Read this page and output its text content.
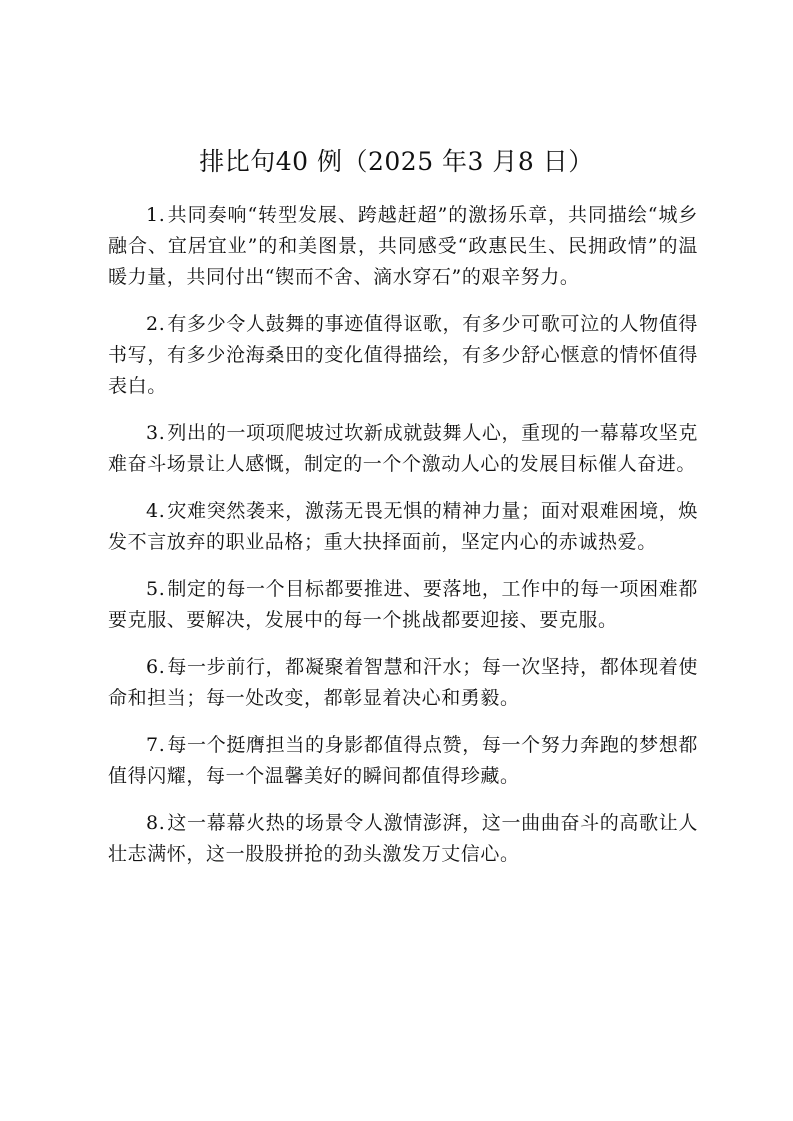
排比句40 例（2025 年3 月8 日）

1. 共同奏响“转型发展、跨越赶超”的激扬乐章，共同描绘“城乡融合、宜居宜业”的和美图景，共同感受“政惠民生、民拥政情”的温暖力量，共同付出“锲而不舍、滴水穿石”的艰辛努力。

2. 有多少令人鼓舞的事迹值得讴歌，有多少可歌可泣的人物值得书写，有多少沧海桑田的变化值得描绘，有多少舒心惬意的情怀值得表白。

3. 列出的一项项爬坡过坎新成就鼓舞人心，重现的一幕幕攻坚克难奋斗场景让人感慨，制定的一个个激动人心的发展目标催人奋进。

4. 灾难突然袭来，激荡无畏无惧的精神力量；面对艰难困境，焕发不言放弃的职业品格；重大抉择面前，坚定内心的赤诚热爱。

5. 制定的每一个目标都要推进、要落地，工作中的每一项困难都要克服、要解决，发展中的每一个挑战都要迎接、要克服。

6. 每一步前行，都凝聚着智慧和汗水；每一次坚持，都体现着使命和担当；每一处改变，都彰显着决心和勇毅。

7. 每一个挺膺担当的身影都值得点赞，每一个努力奔跑的梦想都值得闪耀，每一个温馨美好的瞬间都值得珍藏。

8. 这一幕幕火热的场景令人激情澎湃，这一曲曲奋斗的高歌让人壮志满怀，这一股股拼抢的劲头激发万丈信心。
